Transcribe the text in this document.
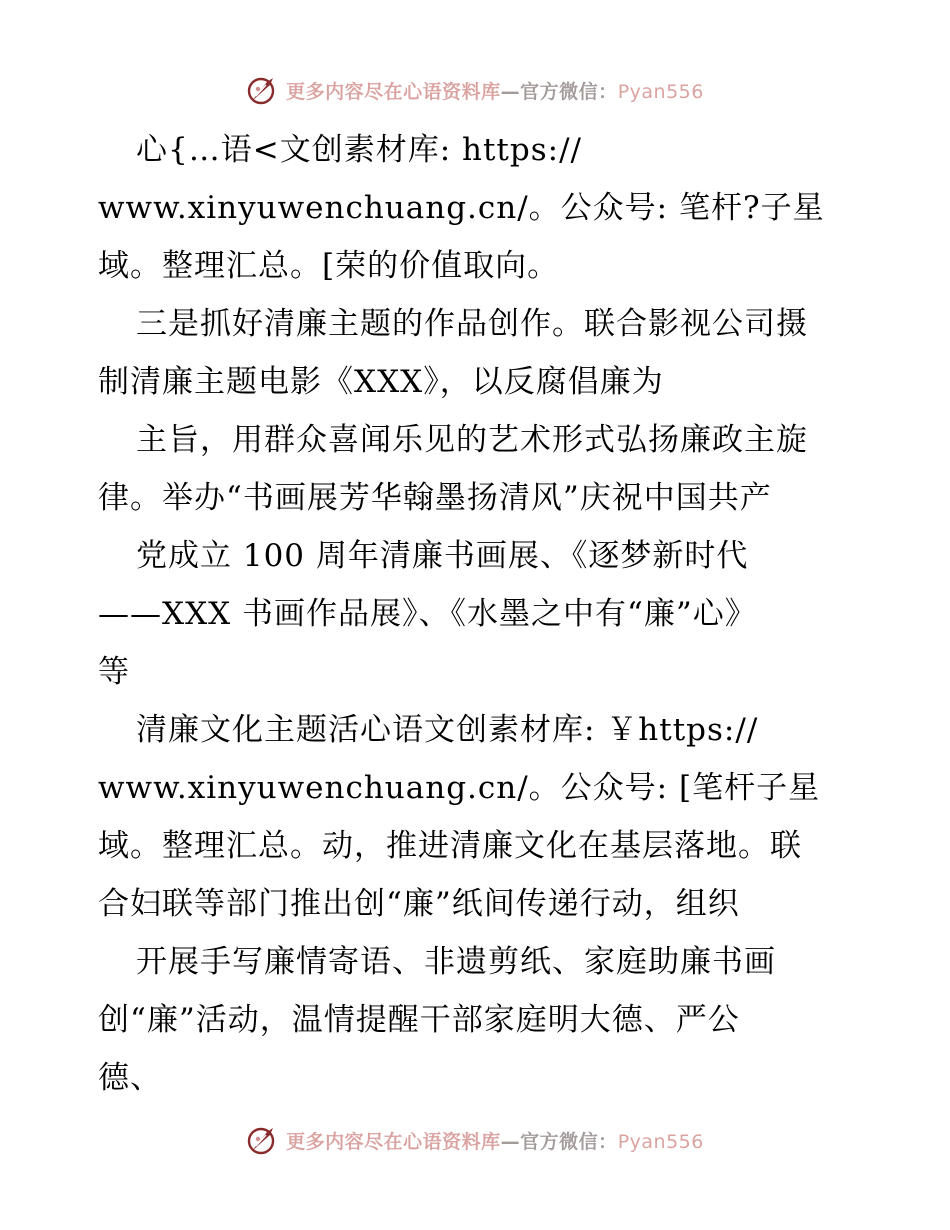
更多内容尽在心语资料库 —官方微信： Pyan556
心{…语<文创素材库: https://
www.xinyuwenchuang.cn/。公众号: 笔杆?子星
域。整理汇总。[荣的价值取向。
三是抓好清廉主题的作品创作。联合影视公司摄
制清廉主题电影《XXX》，以反腐倡廉为
主旨，用群众喜闻乐见的艺术形式弘扬廉政主旋
律。举办“书画展芳华翰墨扬清风”庆祝中国共产
党成立 100 周年清廉书画展、《逐梦新时代
——XXX 书画作品展》、《水墨之中有“廉”心》
等
清廉文化主题活心语文创素材库: ￥https://
www.xinyuwenchuang.cn/。公众号: [笔杆子星
域。整理汇总。动，推进清廉文化在基层落地。联
合妇联等部门推出创“廉”纸间传递行动，组织
开展手写廉情寄语、非遗剪纸、家庭助廉书画
创“廉”活动，温情提醒干部家庭明大德、严公
德、
更多内容尽在心语资料库 —官方微信： Pyan556
